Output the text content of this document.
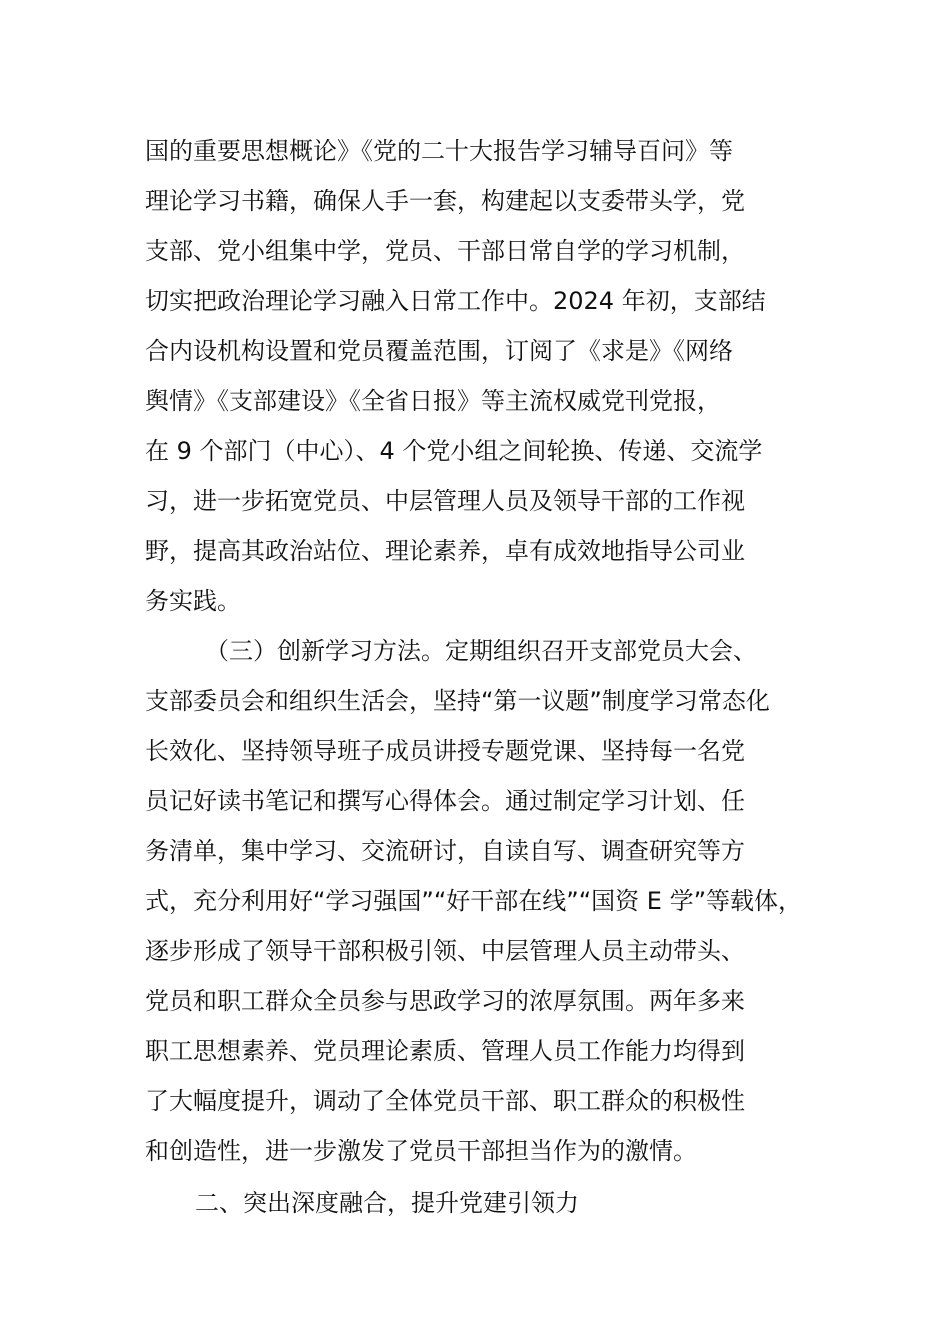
国的重要思想概论》《党的二十大报告学习辅导百问》等
理论学习书籍，确保人手一套，构建起以支委带头学，党
支部、党小组集中学，党员、干部日常自学的学习机制，
切实把政治理论学习融入日常工作中。2024 年初，支部结
合内设机构设置和党员覆盖范围，订阅了《求是》《网络
舆情》《支部建设》《全省日报》等主流权威党刊党报，
在 9 个部门（中心）、4 个党小组之间轮换、传递、交流学
习，进一步拓宽党员、中层管理人员及领导干部的工作视
野，提高其政治站位、理论素养，卓有成效地指导公司业
务实践。
（三）创新学习方法。定期组织召开支部党员大会、
支部委员会和组织生活会，坚持“第一议题”制度学习常态化
长效化、坚持领导班子成员讲授专题党课、坚持每一名党
员记好读书笔记和撰写心得体会。通过制定学习计划、任
务清单，集中学习、交流研讨，自读自写、调查研究等方
式，充分利用好“学习强国”“好干部在线”“国资 E 学”等载体，
逐步形成了领导干部积极引领、中层管理人员主动带头、
党员和职工群众全员参与思政学习的浓厚氛围。两年多来
职工思想素养、党员理论素质、管理人员工作能力均得到
了大幅度提升，调动了全体党员干部、职工群众的积极性
和创造性，进一步激发了党员干部担当作为的激情。
二、突出深度融合，提升党建引领力
